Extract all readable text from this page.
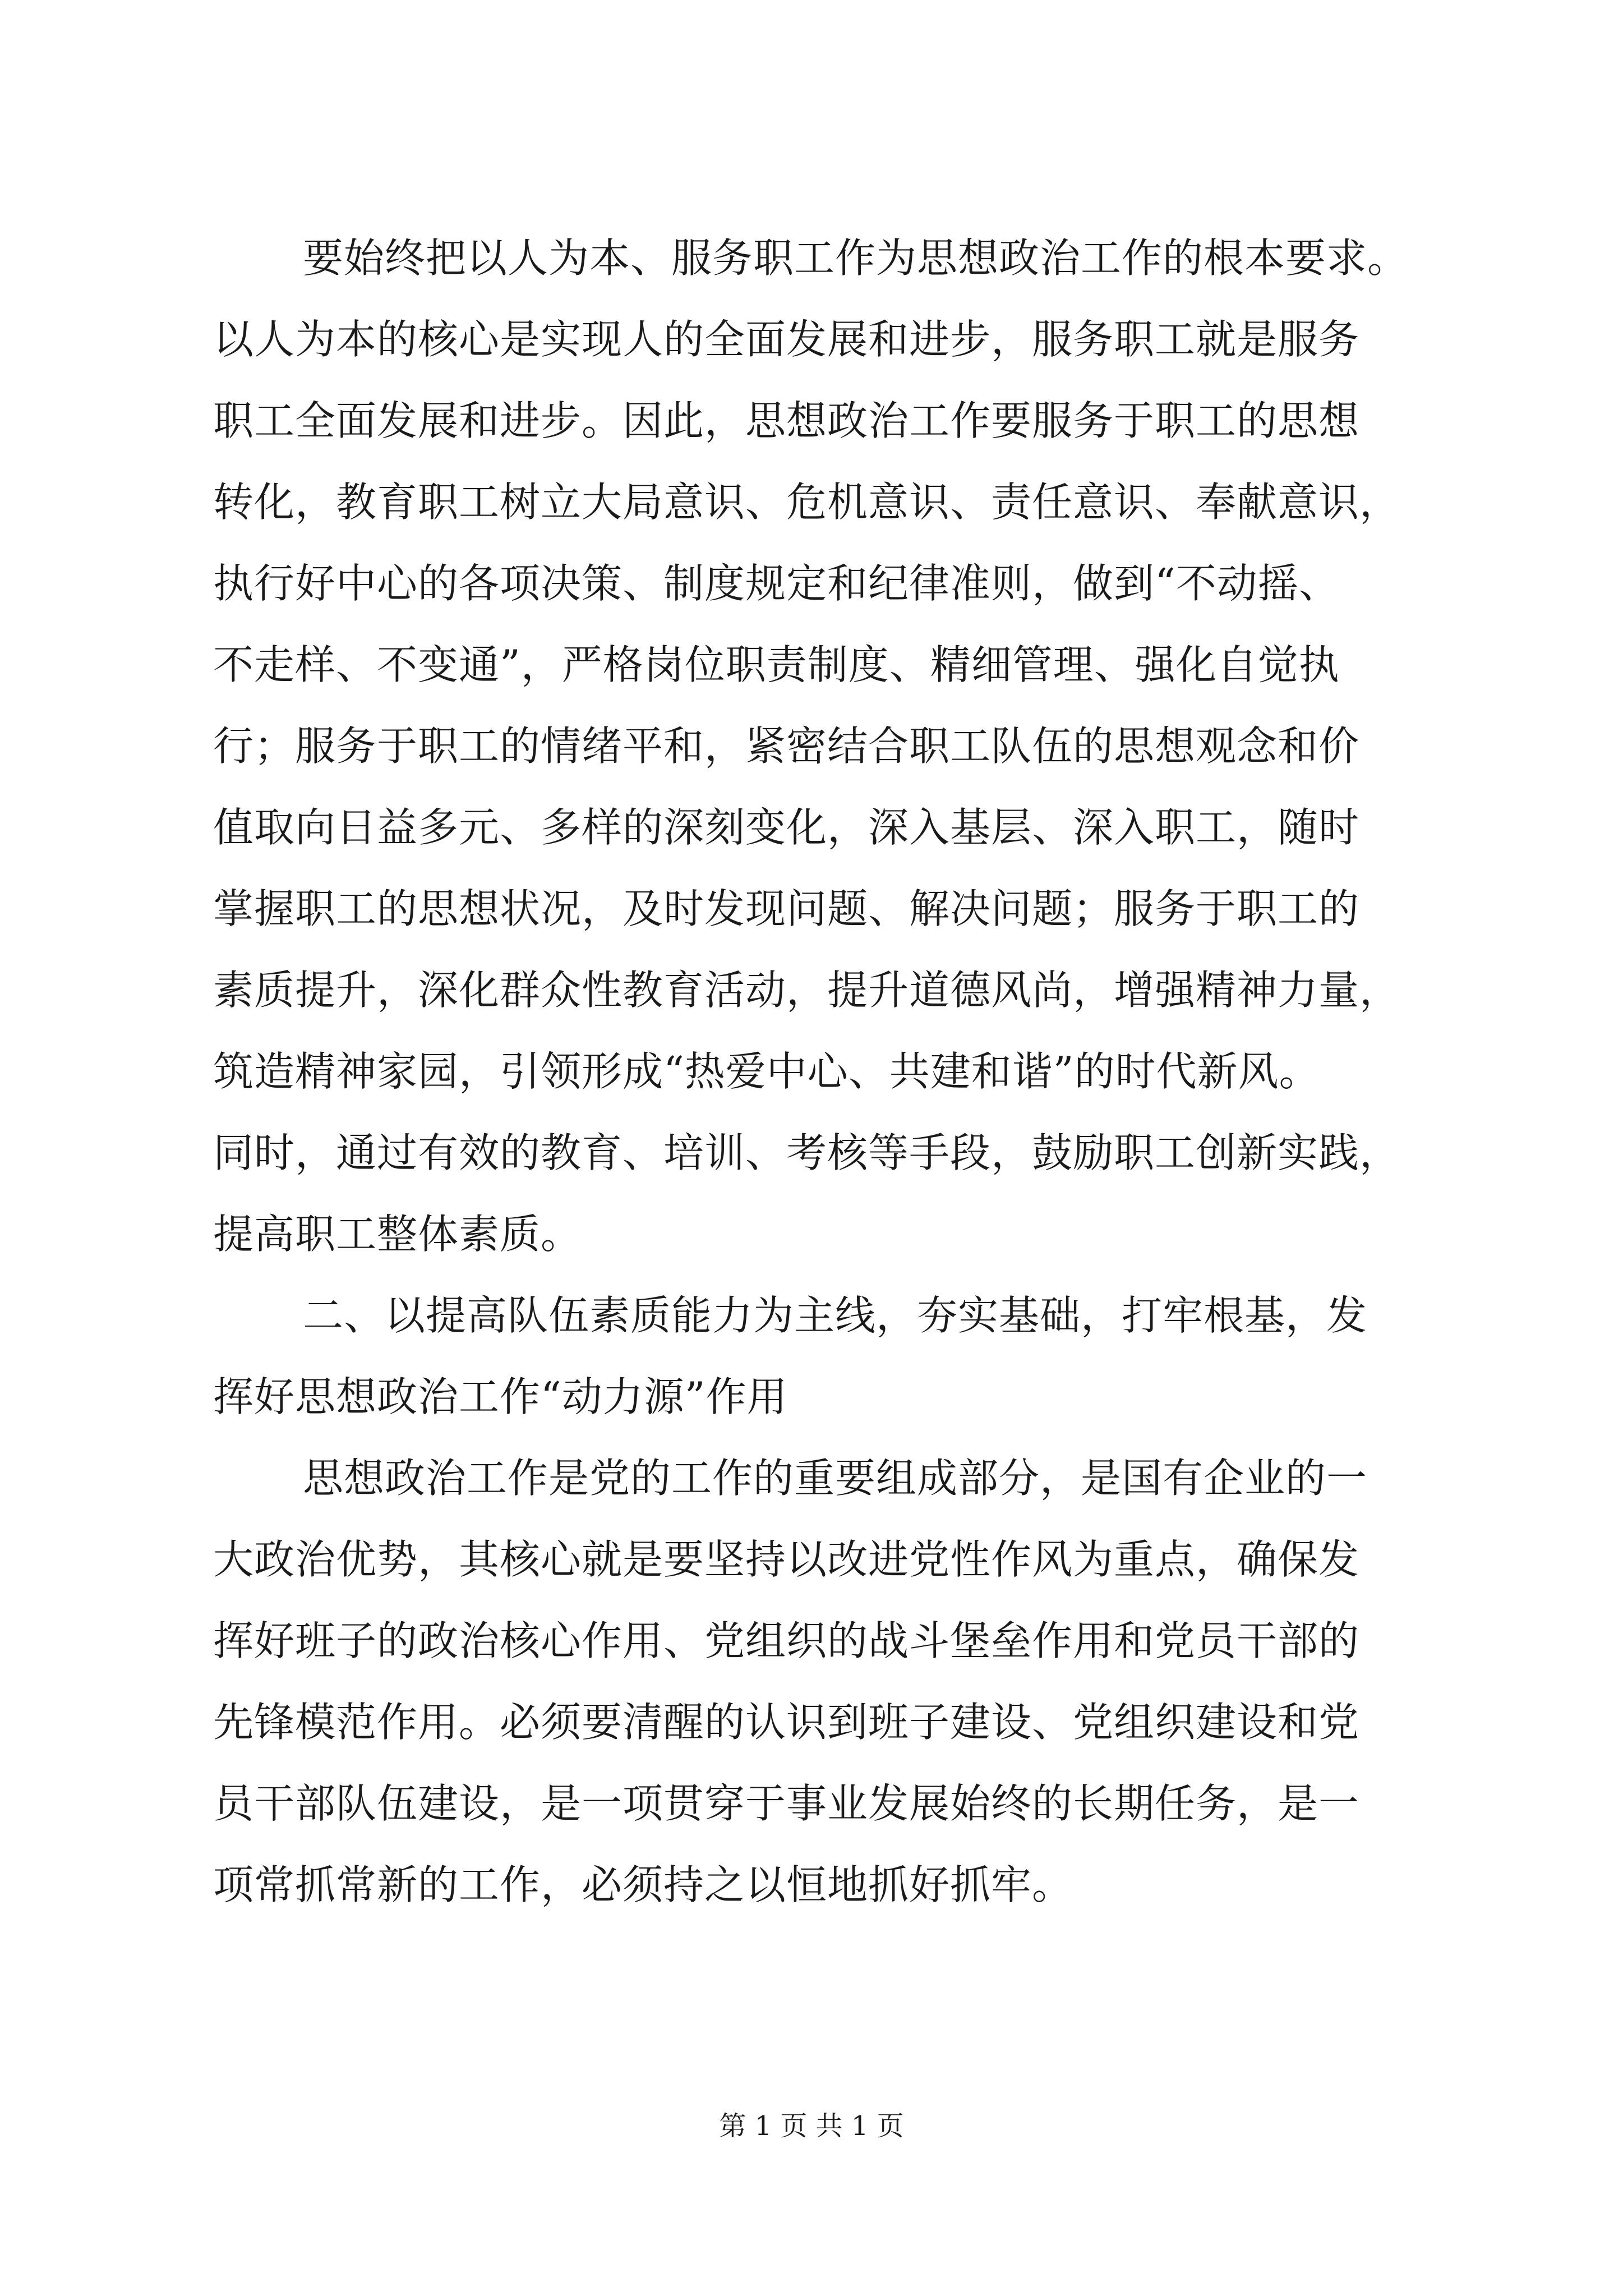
要始终把以人为本、服务职工作为思想政治工作的根本要求。
以人为本的核心是实现人的全面发展和进步，服务职工就是服务
职工全面发展和进步。因此，思想政治工作要服务于职工的思想
转化，教育职工树立大局意识、危机意识、责任意识、奉献意识，
执行好中心的各项决策、制度规定和纪律准则，做到“不动摇、
不走样、不变通”，严格岗位职责制度、精细管理、强化自觉执
行；服务于职工的情绪平和，紧密结合职工队伍的思想观念和价
值取向日益多元、多样的深刻变化，深入基层、深入职工，随时
掌握职工的思想状况，及时发现问题、解决问题；服务于职工的
素质提升，深化群众性教育活动，提升道德风尚，增强精神力量，
筑造精神家园，引领形成“热爱中心、共建和谐”的时代新风。
同时，通过有效的教育、培训、考核等手段，鼓励职工创新实践，
提高职工整体素质。
二、以提高队伍素质能力为主线，夯实基础，打牢根基，发
挥好思想政治工作“动力源”作用
思想政治工作是党的工作的重要组成部分，是国有企业的一
大政治优势，其核心就是要坚持以改进党性作风为重点，确保发
挥好班子的政治核心作用、党组织的战斗堡垒作用和党员干部的
先锋模范作用。必须要清醒的认识到班子建设、党组织建设和党
员干部队伍建设，是一项贯穿于事业发展始终的长期任务，是一
项常抓常新的工作，必须持之以恒地抓好抓牢。
第 1 页 共 1 页
